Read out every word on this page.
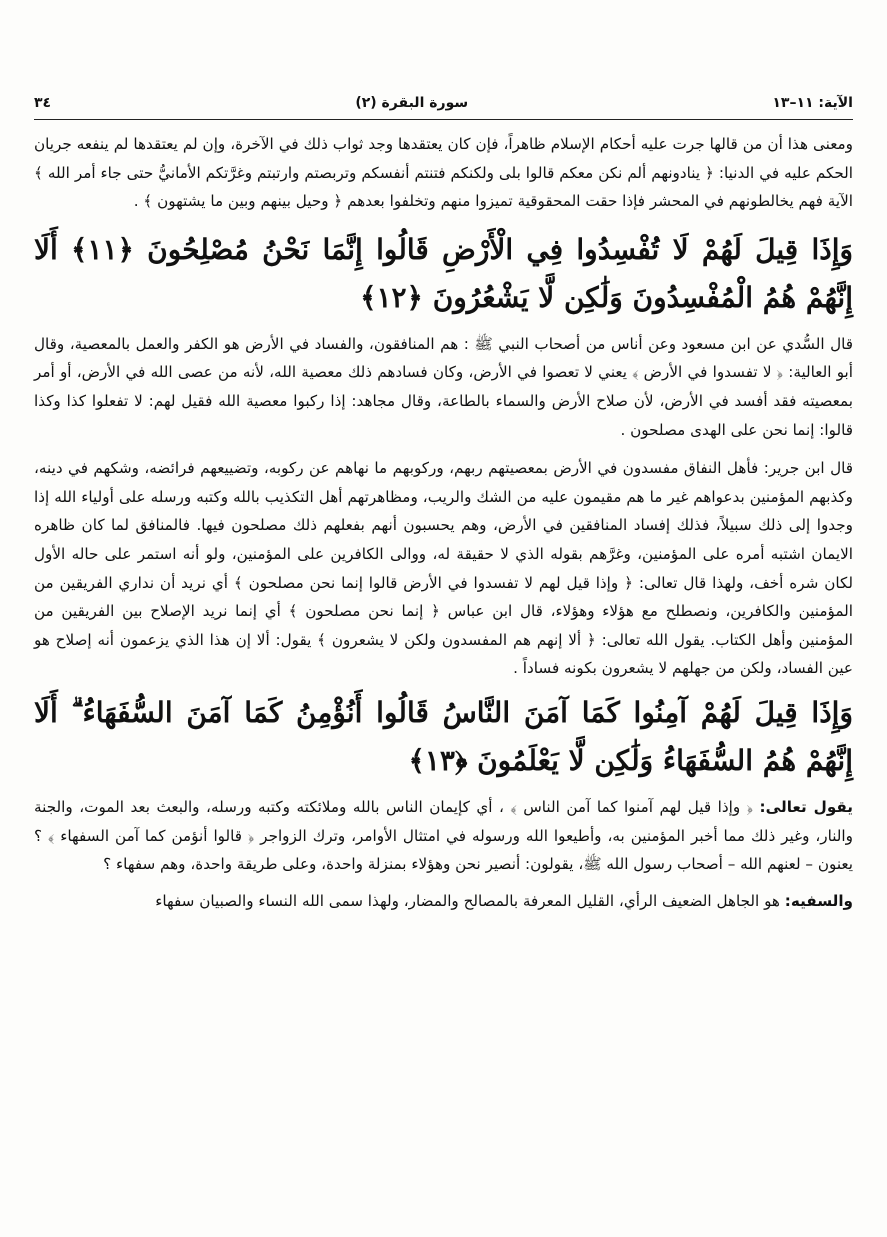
٣٤	(٢) سورة البقرة	الآية: ١١–١٣

ومعنى هذا أن من قالها جرت عليه أحكام الإسلام ظاهراً، فإن كان يعتقدها وجد ثواب ذلك في الآخرة، وإن لم يعتقدها لم ينفعه جريان الحكم عليه في الدنيا: ﴿ ينادونهم ألم نكن معكم قالوا بلى ولكنكم فتنتم أنفسكم وتربصتم وارتبتم وغرَّتكم الأمانيُّ حتى جاء أمر الله ﴾ الآية فهم يخالطونهم في المحشر فإذا حقت المحقوقية تميزوا منهم وتخلفوا بعدهم ﴿ وحيل بينهم وبين ما يشتهون ﴾ .

وَإِذَا قِيلَ لَهُمْ لَا تُفْسِدُوا فِي الْأَرْضِ قَالُوا إِنَّمَا نَحْنُ مُصْلِحُونَ ﴿١١﴾ أَلَا إِنَّهُمْ هُمُ الْمُفْسِدُونَ وَلَٰكِن لَّا يَشْعُرُونَ ﴿١٢﴾

قال السُّدي عن ابن مسعود وعن أناس من أصحاب النبي ﷺ : هم المنافقون، والفساد في الأرض هو الكفر والعمل بالمعصية، وقال أبو العالية: ﴿ لا تفسدوا في الأرض ﴾ يعني لا تعصوا في الأرض، وكان فسادهم ذلك معصية الله، لأنه من عصى الله في الأرض، أو أمر بمعصيته فقد أفسد في الأرض، لأن صلاح الأرض والسماء بالطاعة، وقال مجاهد: إذا ركبوا معصية الله فقيل لهم: لا تفعلوا كذا وكذا قالوا: إنما نحن على الهدى مصلحون .

قال ابن جرير: فأهل النفاق مفسدون في الأرض بمعصيتهم ربهم، وركوبهم ما نهاهم عن ركوبه، وتضييعهم فرائضه، وشكهم في دينه، وكذبهم المؤمنين بدعواهم غير ما هم مقيمون عليه من الشك والريب، ومظاهرتهم أهل التكذيب بالله وكتبه ورسله على أولياء الله إذا وجدوا إلى ذلك سبيلاً، فذلك إفساد المنافقين في الأرض، وهم يحسبون أنهم بفعلهم ذلك مصلحون فيها. فالمنافق لما كان ظاهره الايمان اشتبه أمره على المؤمنين، وغرَّهم بقوله الذي لا حقيقة له، ووالى الكافرين على المؤمنين، ولو أنه استمر على حاله الأول لكان شره أخف، ولهذا قال تعالى: ﴿ وإذا قيل لهم لا تفسدوا في الأرض قالوا إنما نحن مصلحون ﴾ أي نريد أن نداري الفريقين من المؤمنين والكافرين، ونصطلح مع هؤلاء وهؤلاء، قال ابن عباس ﴿ إنما نحن مصلحون ﴾ أي إنما نريد الإصلاح بين الفريقين من المؤمنين وأهل الكتاب. يقول الله تعالى: ﴿ ألا إنهم هم المفسدون ولكن لا يشعرون ﴾ يقول: ألا إن هذا الذي يزعمون أنه إصلاح هو عين الفساد، ولكن من جهلهم لا يشعرون بكونه فساداً .

وَإِذَا قِيلَ لَهُمْ آمِنُوا كَمَا آمَنَ النَّاسُ قَالُوا أَنُؤْمِنُ كَمَا آمَنَ السُّفَهَاءُ ۗ أَلَا إِنَّهُمْ هُمُ السُّفَهَاءُ وَلَٰكِن لَّا يَعْلَمُونَ ﴿١٣﴾

يقول تعالى: ﴿ وإذا قيل لهم آمنوا كما آمن الناس ﴾ ، أي كإيمان الناس بالله وملائكته وكتبه ورسله، والبعث بعد الموت، والجنة والنار، وغير ذلك مما أخبر المؤمنين به، وأطيعوا الله ورسوله في امتثال الأوامر، وترك الزواجر ﴿ قالوا أنؤمن كما آمن السفهاء ﴾ ؟ يعنون – لعنهم الله – أصحاب رسول الله ﷺ، يقولون: أنصير نحن وهؤلاء بمنزلة واحدة، وعلى طريقة واحدة، وهم سفهاء ؟

والسفيه: هو الجاهل الضعيف الرأي، القليل المعرفة بالمصالح والمضار، ولهذا سمى الله النساء والصبيان سفهاء
